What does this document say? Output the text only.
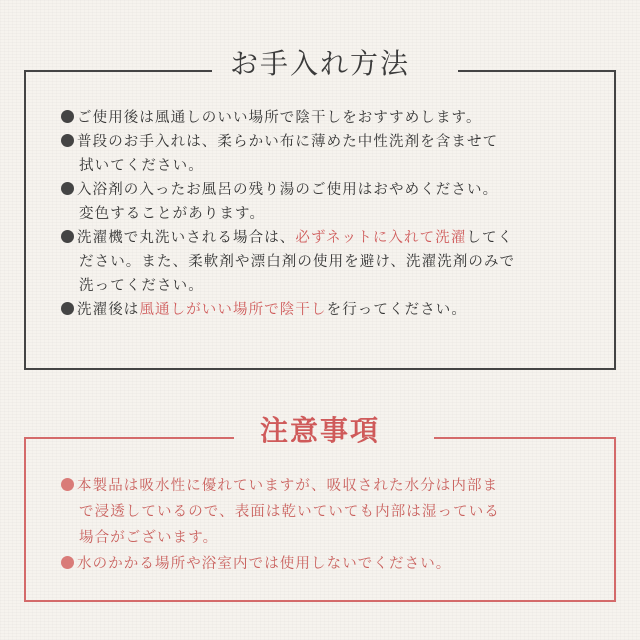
お手入れ方法
ご使用後は風通しのいい場所で陰干しをおすすめします。
普段のお手入れは、柔らかい布に薄めた中性洗剤を含ませて
拭いてください。
入浴剤の入ったお風呂の残り湯のご使用はおやめください。
変色することがあります。
洗濯機で丸洗いされる場合は、必ずネットに入れて洗濯してく
ださい。また、柔軟剤や漂白剤の使用を避け、洗濯洗剤のみで
洗ってください。
洗濯後は風通しがいい場所で陰干しを行ってください。
注意事項
本製品は吸水性に優れていますが、吸収された水分は内部ま
で浸透しているので、表面は乾いていても内部は湿っている
場合がございます。
水のかかる場所や浴室内では使用しないでください。
